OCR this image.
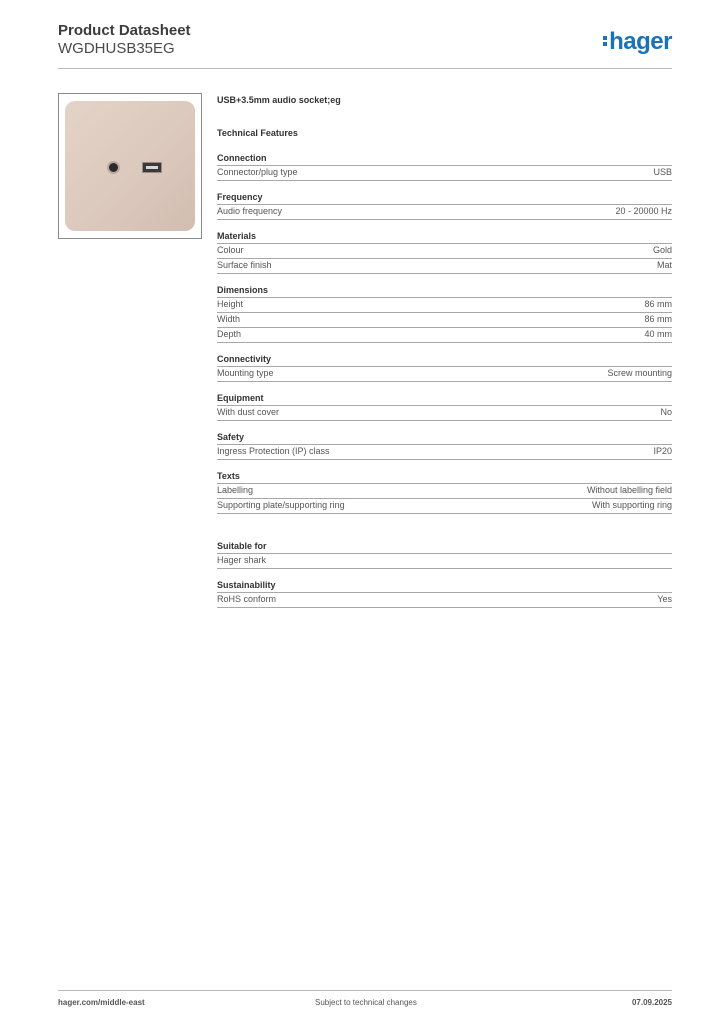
Product Datasheet
WGDHUSB35EG	hager
USB+3.5mm audio socket;eg
Technical Features
Connection
Connector/plug type	USB
Frequency
Audio frequency	20 - 20000 Hz
Materials
Colour	Gold
Surface finish	Mat
Dimensions
Height	86 mm
Width	86 mm
Depth	40 mm
Connectivity
Mounting type	Screw mounting
Equipment
With dust cover	No
Safety
Ingress Protection (IP) class	IP20
Texts
Labelling	Without labelling field
Supporting plate/supporting ring	With supporting ring
Suitable for
Hager shark
Sustainability
RoHS conform	Yes
hager.com/middle-east	Subject to technical changes	07.09.2025
